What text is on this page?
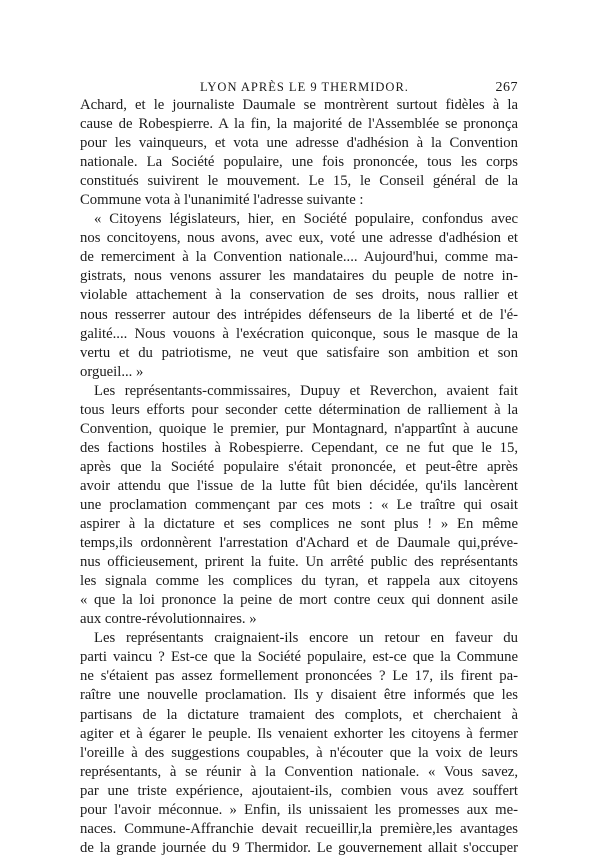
LYON APRÈS LE 9 THERMIDOR.	267
Achard, et le journaliste Daumale se montrèrent surtout fidèles à la
cause de Robespierre. A la fin, la majorité de l'Assemblée se prononça
pour les vainqueurs, et vota une adresse d'adhésion à la Convention
nationale. La Société populaire, une fois prononcée, tous les corps
constitués suivirent le mouvement. Le 15, le Conseil général de la
Commune vota à l'unanimité l'adresse suivante :
« Citoyens législateurs, hier, en Société populaire, confondus avec
nos concitoyens, nous avons, avec eux, voté une adresse d'adhésion et
de remerciment à la Convention nationale.... Aujourd'hui, comme ma-
gistrats, nous venons assurer les mandataires du peuple de notre in-
violable attachement à la conservation de ses droits, nous rallier et
nous resserrer autour des intrépides défenseurs de la liberté et de l'é-
galité.... Nous vouons à l'exécration quiconque, sous le masque de la
vertu et du patriotisme, ne veut que satisfaire son ambition et son
orgueil... »
Les représentants-commissaires, Dupuy et Reverchon, avaient fait
tous leurs efforts pour seconder cette détermination de ralliement à la
Convention, quoique le premier, pur Montagnard, n'appartînt à aucune
des factions hostiles à Robespierre. Cependant, ce ne fut que le 15,
après que la Société populaire s'était prononcée, et peut-être après
avoir attendu que l'issue de la lutte fût bien décidée, qu'ils lancèrent
une proclamation commençant par ces mots : « Le traître qui osait
aspirer à la dictature et ses complices ne sont plus ! » En même
temps,ils ordonnèrent l'arrestation d'Achard et de Daumale qui,préve-
nus officieusement, prirent la fuite. Un arrêté public des représentants
les signala comme les complices du tyran, et rappela aux citoyens
« que la loi prononce la peine de mort contre ceux qui donnent asile
aux contre-révolutionnaires. »
Les représentants craignaient-ils encore un retour en faveur du
parti vaincu ? Est-ce que la Société populaire, est-ce que la Commune
ne s'étaient pas assez formellement prononcées ? Le 17, ils firent pa-
raître une nouvelle proclamation. Ils y disaient être informés que les
partisans de la dictature tramaient des complots, et cherchaient à
agiter et à égarer le peuple. Ils venaient exhorter les citoyens à fermer
l'oreille à des suggestions coupables, à n'écouter que la voix de leurs
représentants, à se réunir à la Convention nationale. « Vous savez,
par une triste expérience, ajoutaient-ils, combien vous avez souffert
pour l'avoir méconnue. » Enfin, ils unissaient les promesses aux me-
naces. Commune-Affranchie devait recueillir,la première,les avantages
de la grande journée du 9 Thermidor. Le gouvernement allait s'occuper
